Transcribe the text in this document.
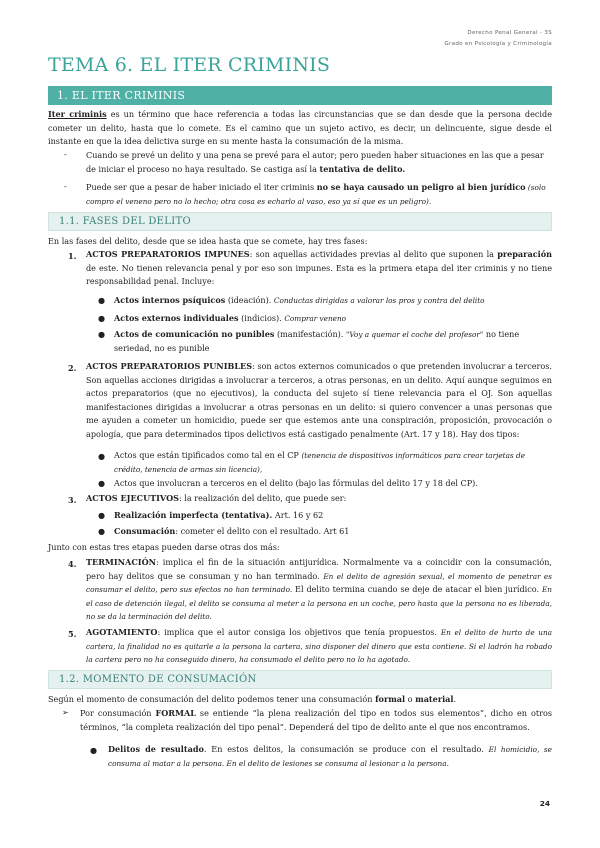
Derecho Penal General - 3S
Grado en Psicología y Criminología
TEMA 6. EL ITER CRIMINIS
1. EL ITER CRIMINIS
Iter criminis es un término que hace referencia a todas las circunstancias que se dan desde que la persona decide cometer un delito, hasta que lo comete. Es el camino que un sujeto activo, es decir, un delincuente, sigue desde el instante en que la idea delictiva surge en su mente hasta la consumación de la misma.
- Cuando se prevé un delito y una pena se prevé para el autor; pero pueden haber situaciones en las que a pesar de iniciar el proceso no haya resultado. Se castiga así la tentativa de delito.
- Puede ser que a pesar de haber iniciado el iter criminis no se haya causado un peligro al bien jurídico (solo compro el veneno pero no lo hecho; otra cosa es echarlo al vaso, eso ya sí que es un peligro).
1.1. FASES DEL DELITO
En las fases del delito, desde que se idea hasta que se comete, hay tres fases:
1. ACTOS PREPARATORIOS IMPUNES: son aquellas actividades previas al delito que suponen la preparación de este. No tienen relevancia penal y por eso son impunes. Esta es la primera etapa del iter criminis y no tiene responsabilidad penal. Incluye:
● Actos internos psíquicos (ideación). Conductas dirigidas a valorar los pros y contra del delito
● Actos externos individuales (indicios). Comprar veneno
● Actos de comunicación no punibles (manifestación). "Voy a quemar el coche del profesor" no tiene seriedad, no es punible
2. ACTOS PREPARATORIOS PUNIBLES: son actos externos comunicados o que pretenden involucrar a terceros. Son aquellas acciones dirigidas a involucrar a terceros, a otras personas, en un delito. Aquí aunque seguimos en actos preparatorios (que no ejecutivos), la conducta del sujeto sí tiene relevancia para el OJ. Son aquellas manifestaciones dirigidas a involucrar a otras personas en un delito: si quiero convencer a unas personas que me ayuden a cometer un homicidio, puede ser que estemos ante una conspiración, proposición, provocación o apología, que para determinados tipos delictivos está castigado penalmente (Art. 17 y 18). Hay dos tipos:
● Actos que están tipificados como tal en el CP (tenencia de dispositivos informáticos para crear tarjetas de crédito, tenencia de armas sin licencia),
● Actos que involucran a terceros en el delito (bajo las fórmulas del delito 17 y 18 del CP).
3. ACTOS EJECUTIVOS: la realización del delito, que puede ser:
● Realización imperfecta (tentativa). Art. 16 y 62
● Consumación: cometer el delito con el resultado. Art 61
Junto con estas tres etapas pueden darse otras dos más:
4. TERMINACIÓN: implica el fin de la situación antijurídica. Normalmente va a coincidir con la consumación, pero hay delitos que se consuman y no han terminado. En el delito de agresión sexual, el momento de penetrar es consumar el delito, pero sus efectos no han terminado. El delito termina cuando se deje de atacar el bien jurídico. En el caso de detención ilegal, el delito se consuma al meter a la persona en un coche, pero hasta que la persona no es liberada, no se da la terminación del delito.
5. AGOTAMIENTO: implica que el autor consiga los objetivos que tenía propuestos. En el delito de hurto de una cartera, la finalidad no es quitarle a la persona la cartera, sino disponer del dinero que esta contiene. Si el ladrón ha robado la cartera pero no ha conseguido dinero, ha consumado el delito pero no lo ha agotado.
1.2. MOMENTO DE CONSUMACIÓN
Según el momento de consumación del delito podemos tener una consumación formal o material.
➢ Por consumación FORMAL se entiende “la plena realización del tipo en todos sus elementos”, dicho en otros términos, “la completa realización del tipo penal”. Dependerá del tipo de delito ante el que nos encontramos.
● Delitos de resultado. En estos delitos, la consumación se produce con el resultado. El homicidio, se consuma al matar a la persona. En el delito de lesiones se consuma al lesionar a la persona.
24
